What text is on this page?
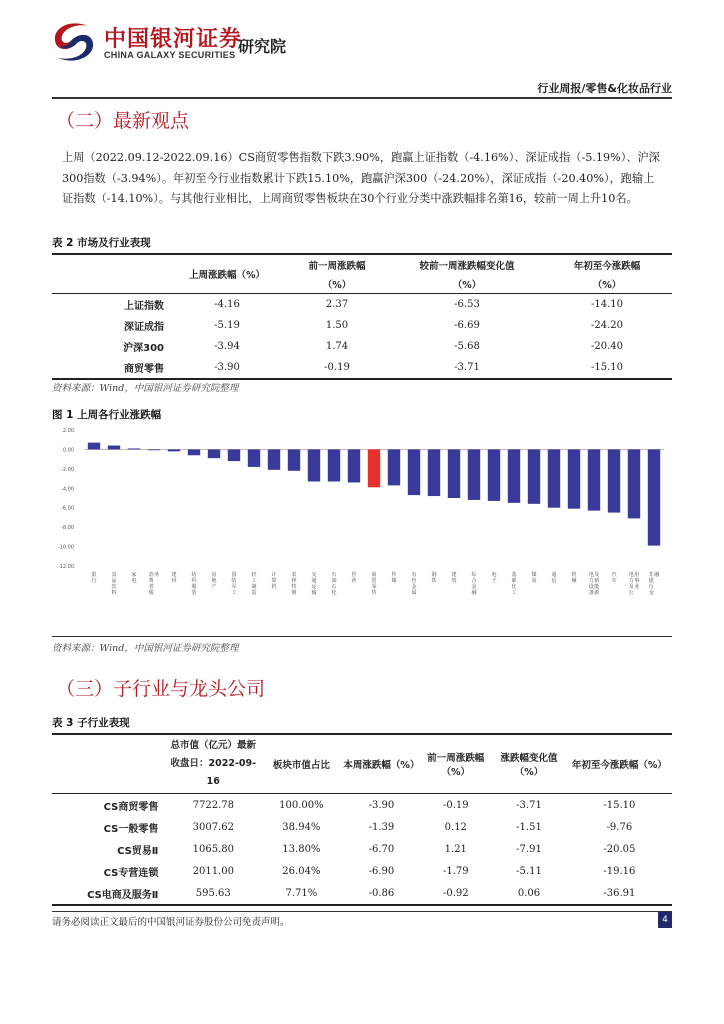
中国银河证券
CHINA GALAXY SECURITIES 研究院
行业周报/零售&化妆品行业
（二）最新观点
上周（2022.09.12-2022.09.16）CS商贸零售指数下跌3.90%，跑赢上证指数（-4.16%）、深证成指（-5.19%）、沪深300指数（-3.94%）。年初至今行业指数累计下跌15.10%，跑赢沪深300（-24.20%），深证成指（-20.40%），跑输上证指数（-14.10%）。与其他行业相比，上周商贸零售板块在30个行业分类中涨跌幅排名第16，较前一周上升10名。
表 2 市场及行业表现
	上周涨跌幅（%）	前一周涨跌幅	较前一周涨跌幅变化值	年初至今涨跌幅
		（%）	（%）	（%）
上证指数	-4.16	2.37	-6.53	-14.10
深证成指	-5.19	1.50	-6.69	-24.20
沪深300	-3.94	1.74	-5.68	-20.40
商贸零售	-3.90	-0.19	-3.71	-15.10
资料来源：Wind，中国银河证券研究院整理
图 1 上周各行业涨跌幅
2.00
0.00
-2.00
-4.00
-6.00
-8.00
-10.00
-12.00
银行
食品饮料
家电
消费者服务 建材
纺织服装
房地产
国防军工
轻工制造
计算机
农林牧渔
交通运输
石油石化
医药
商贸零售
传媒
有色金属
钢铁
建筑
综合金融
电子
基础化工
煤炭
通信
机械
电力设备及新能源
汽车
电力及公用事业
非银行金融
资料来源：Wind，中国银河证券研究院整理
（三）子行业与龙头公司
表 3 子行业表现
	总市值（亿元）最新收盘日：2022-09-16	板块市值占比	本周涨跌幅（%）	前一周涨跌幅（%）	涨跌幅变化值（%）	年初至今涨跌幅（%）
CS商贸零售	7722.78	100.00%	-3.90	-0.19	-3.71	-15.10
CS一般零售	3007.62	38.94%	-1.39	0.12	-1.51	-9.76
CS贸易Ⅱ	1065.80	13.80%	-6.70	1.21	-7.91	-20.05
CS专营连锁	2011.00	26.04%	-6.90	-1.79	-5.11	-19.16
CS电商及服务Ⅱ	595.63	7.71%	-0.86	-0.92	0.06	-36.91
请务必阅读正文最后的中国银河证券股份公司免责声明。	4
